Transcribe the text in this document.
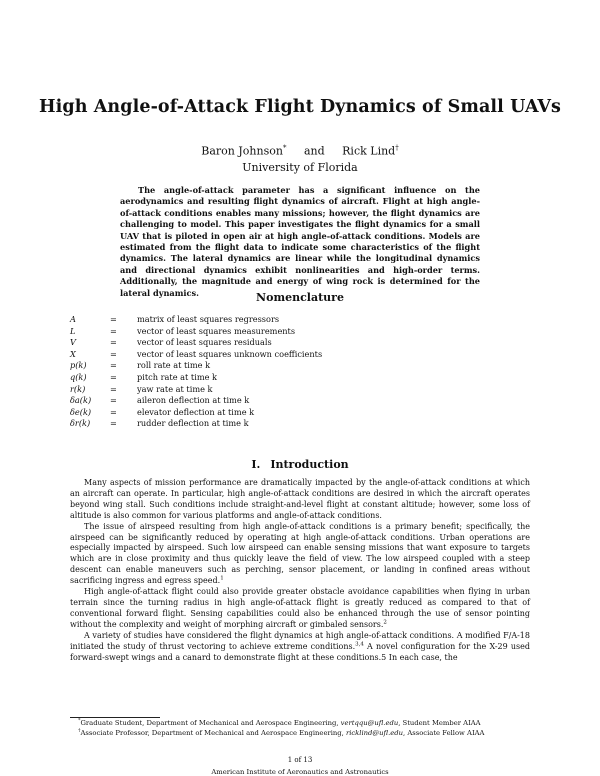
High Angle-of-Attack Flight Dynamics of Small UAVs
Baron Johnson* and Rick Lind†
University of Florida

The angle-of-attack parameter has a significant influence on the aerodynamics and resulting flight dynamics of aircraft. Flight at high angle-of-attack conditions enables many missions; however, the flight dynamics are challenging to model. This paper investigates the flight dynamics for a small UAV that is piloted in open air at high angle-of-attack conditions. Models are estimated from the flight data to indicate some characteristics of the flight dynamics. The lateral dynamics are linear while the longitudinal dynamics and directional dynamics exhibit nonlinearities and high-order terms. Additionally, the magnitude and energy of wing rock is determined for the lateral dynamics.	Nomenclature
A	=	matrix of least squares regressors
L	=	vector of least squares measurements
V	=	vector of least squares residuals
X	=	vector of least squares unknown coefficients
p(k)	=	roll rate at time k
q(k)	=	pitch rate at time k
r(k)	=	yaw rate at time k
δa(k)	=	aileron deflection at time k
δe(k)	=	elevator deflection at time k
δr(k)	=	rudder deflection at time k
I. Introduction

Many aspects of mission performance are dramatically impacted by the angle-of-attack conditions at which an aircraft can operate. In particular, high angle-of-attack conditions are desired in which the aircraft operates beyond wing stall. Such conditions include straight-and-level flight at constant altitude; however, some loss of altitude is also common for various platforms and angle-of-attack conditions.

The issue of airspeed resulting from high angle-of-attack conditions is a primary benefit; specifically, the airspeed can be significantly reduced by operating at high angle-of-attack conditions. Urban operations are especially impacted by airspeed. Such low airspeed can enable sensing missions that want exposure to targets which are in close proximity and thus quickly leave the field of view. The low airspeed coupled with a steep descent can enable maneuvers such as perching, sensor placement, or landing in confined areas without sacrificing ingress and egress speed.$^1$

High angle-of-attack flight could also provide greater obstacle avoidance capabilities when flying in urban terrain since the turning radius in high angle-of-attack flight is greatly reduced as compared to that of conventional forward flight. Sensing capabilities could also be enhanced through the use of sensor pointing without the complexity and weight of morphing aircraft or gimbaled sensors.$^2$

A variety of studies have considered the flight dynamics at high angle-of-attack conditions. A modified F/A-18 initiated the study of thrust vectoring to achieve extreme conditions.$^{3,4}$ A novel configuration for the X-29 used forward-swept wings and a canard to demonstrate flight at these conditions.5 In each case, the

*Graduate Student, Department of Mechanical and Aerospace Engineering, vertqqu@ufl.edu, Student Member AIAA

†Associate Professor, Department of Mechanical and Aerospace Engineering, ricklind@ufl.edu, Associate Fellow AIAA

1 of 13
American Institute of Aeronautics and Astronautics
